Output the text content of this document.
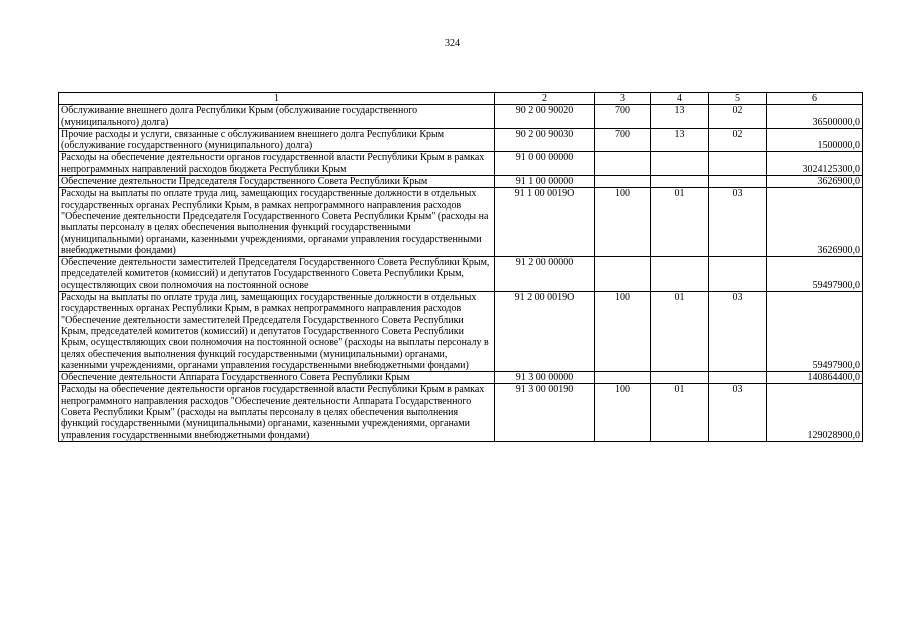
324
1	2	3	4	5	6
Обслуживание внешнего долга Республики Крым (обслуживание государственного (муниципального) долга)	90 2 00 90020	700	13	02	36500000,0
Прочие расходы и услуги, связанные с обслуживанием внешнего долга Республики Крым (обслуживание государственного (муниципального) долга)	90 2 00 90030	700	13	02	1500000,0
Расходы на обеспечение деятельности органов государственной власти Республики Крым в рамках непрограммных направлений расходов бюджета Республики Крым	91 0 00 00000				3024125300,0
Обеспечение деятельности Председателя Государственного Совета Республики Крым	91 1 00 00000				3626900,0
Расходы на выплаты по оплате труда лиц, замещающих государственные должности в отдельных государственных органах Республики Крым, в рамках непрограммного направления расходов "Обеспечение деятельности Председателя Государственного Совета Республики Крым" (расходы на выплаты персоналу в целях обеспечения выполнения функций государственными (муниципальными) органами, казенными учреждениями, органами управления государственными внебюджетными фондами)	91 1 00 0019О	100	01	03	3626900,0
Обеспечение деятельности заместителей Председателя Государственного Совета Республики Крым, председателей комитетов (комиссий) и депутатов Государственного Совета Республики Крым, осуществляющих свои полномочия на постоянной основе	91 2 00 00000				59497900,0
Расходы на выплаты по оплате труда лиц, замещающих государственные должности в отдельных государственных органах Республики Крым, в рамках непрограммного направления расходов "Обеспечение деятельности заместителей Председателя Государственного Совета Республики Крым, председателей комитетов (комиссий) и депутатов Государственного Совета Республики Крым, осуществляющих свои полномочия на постоянной основе" (расходы на выплаты персоналу в целях обеспечения выполнения функций государственными (муниципальными) органами, казенными учреждениями, органами управления государственными внебюджетными фондами)	91 2 00 0019О	100	01	03	59497900,0
Обеспечение деятельности Аппарата Государственного Совета Республики Крым	91 3 00 00000				140864400,0
Расходы на обеспечение деятельности органов государственной власти Республики Крым в рамках непрограммного направления расходов "Обеспечение деятельности Аппарата Государственного Совета Республики Крым" (расходы на выплаты персоналу в целях обеспечения выполнения функций государственными (муниципальными) органами, казенными учреждениями, органами управления государственными внебюджетными фондами)	91 3 00 00190	100	01	03	129028900,0
